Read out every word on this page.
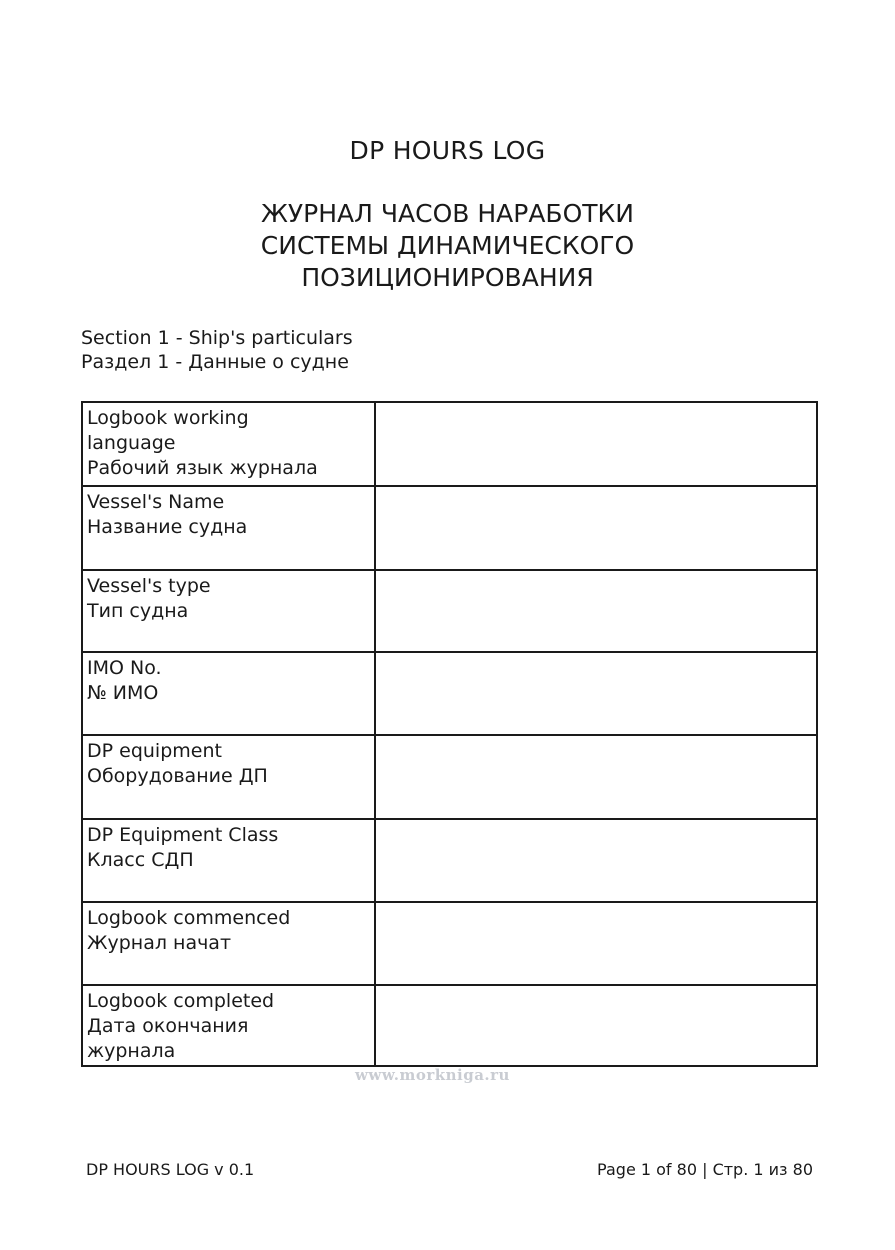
DP HOURS LOG
ЖУРНАЛ ЧАСОВ НАРАБОТКИ
СИСТЕМЫ ДИНАМИЧЕСКОГО
ПОЗИЦИОНИРОВАНИЯ
Section 1 - Ship's particulars
Раздел 1 - Данные о судне
Logbook working
language
Рабочий язык журнала
Vessel's Name
Название судна
Vessel's type
Тип судна
IMO No.
№ ИМО
DP equipment
Оборудование ДП
DP Equipment Class
Класс СДП
Logbook commenced
Журнал начат
Logbook completed
Дата окончания
журнала
www.morkniga.ru
DP HOURS LOG v 0.1	Page 1 of 80 | Стр. 1 из 80
